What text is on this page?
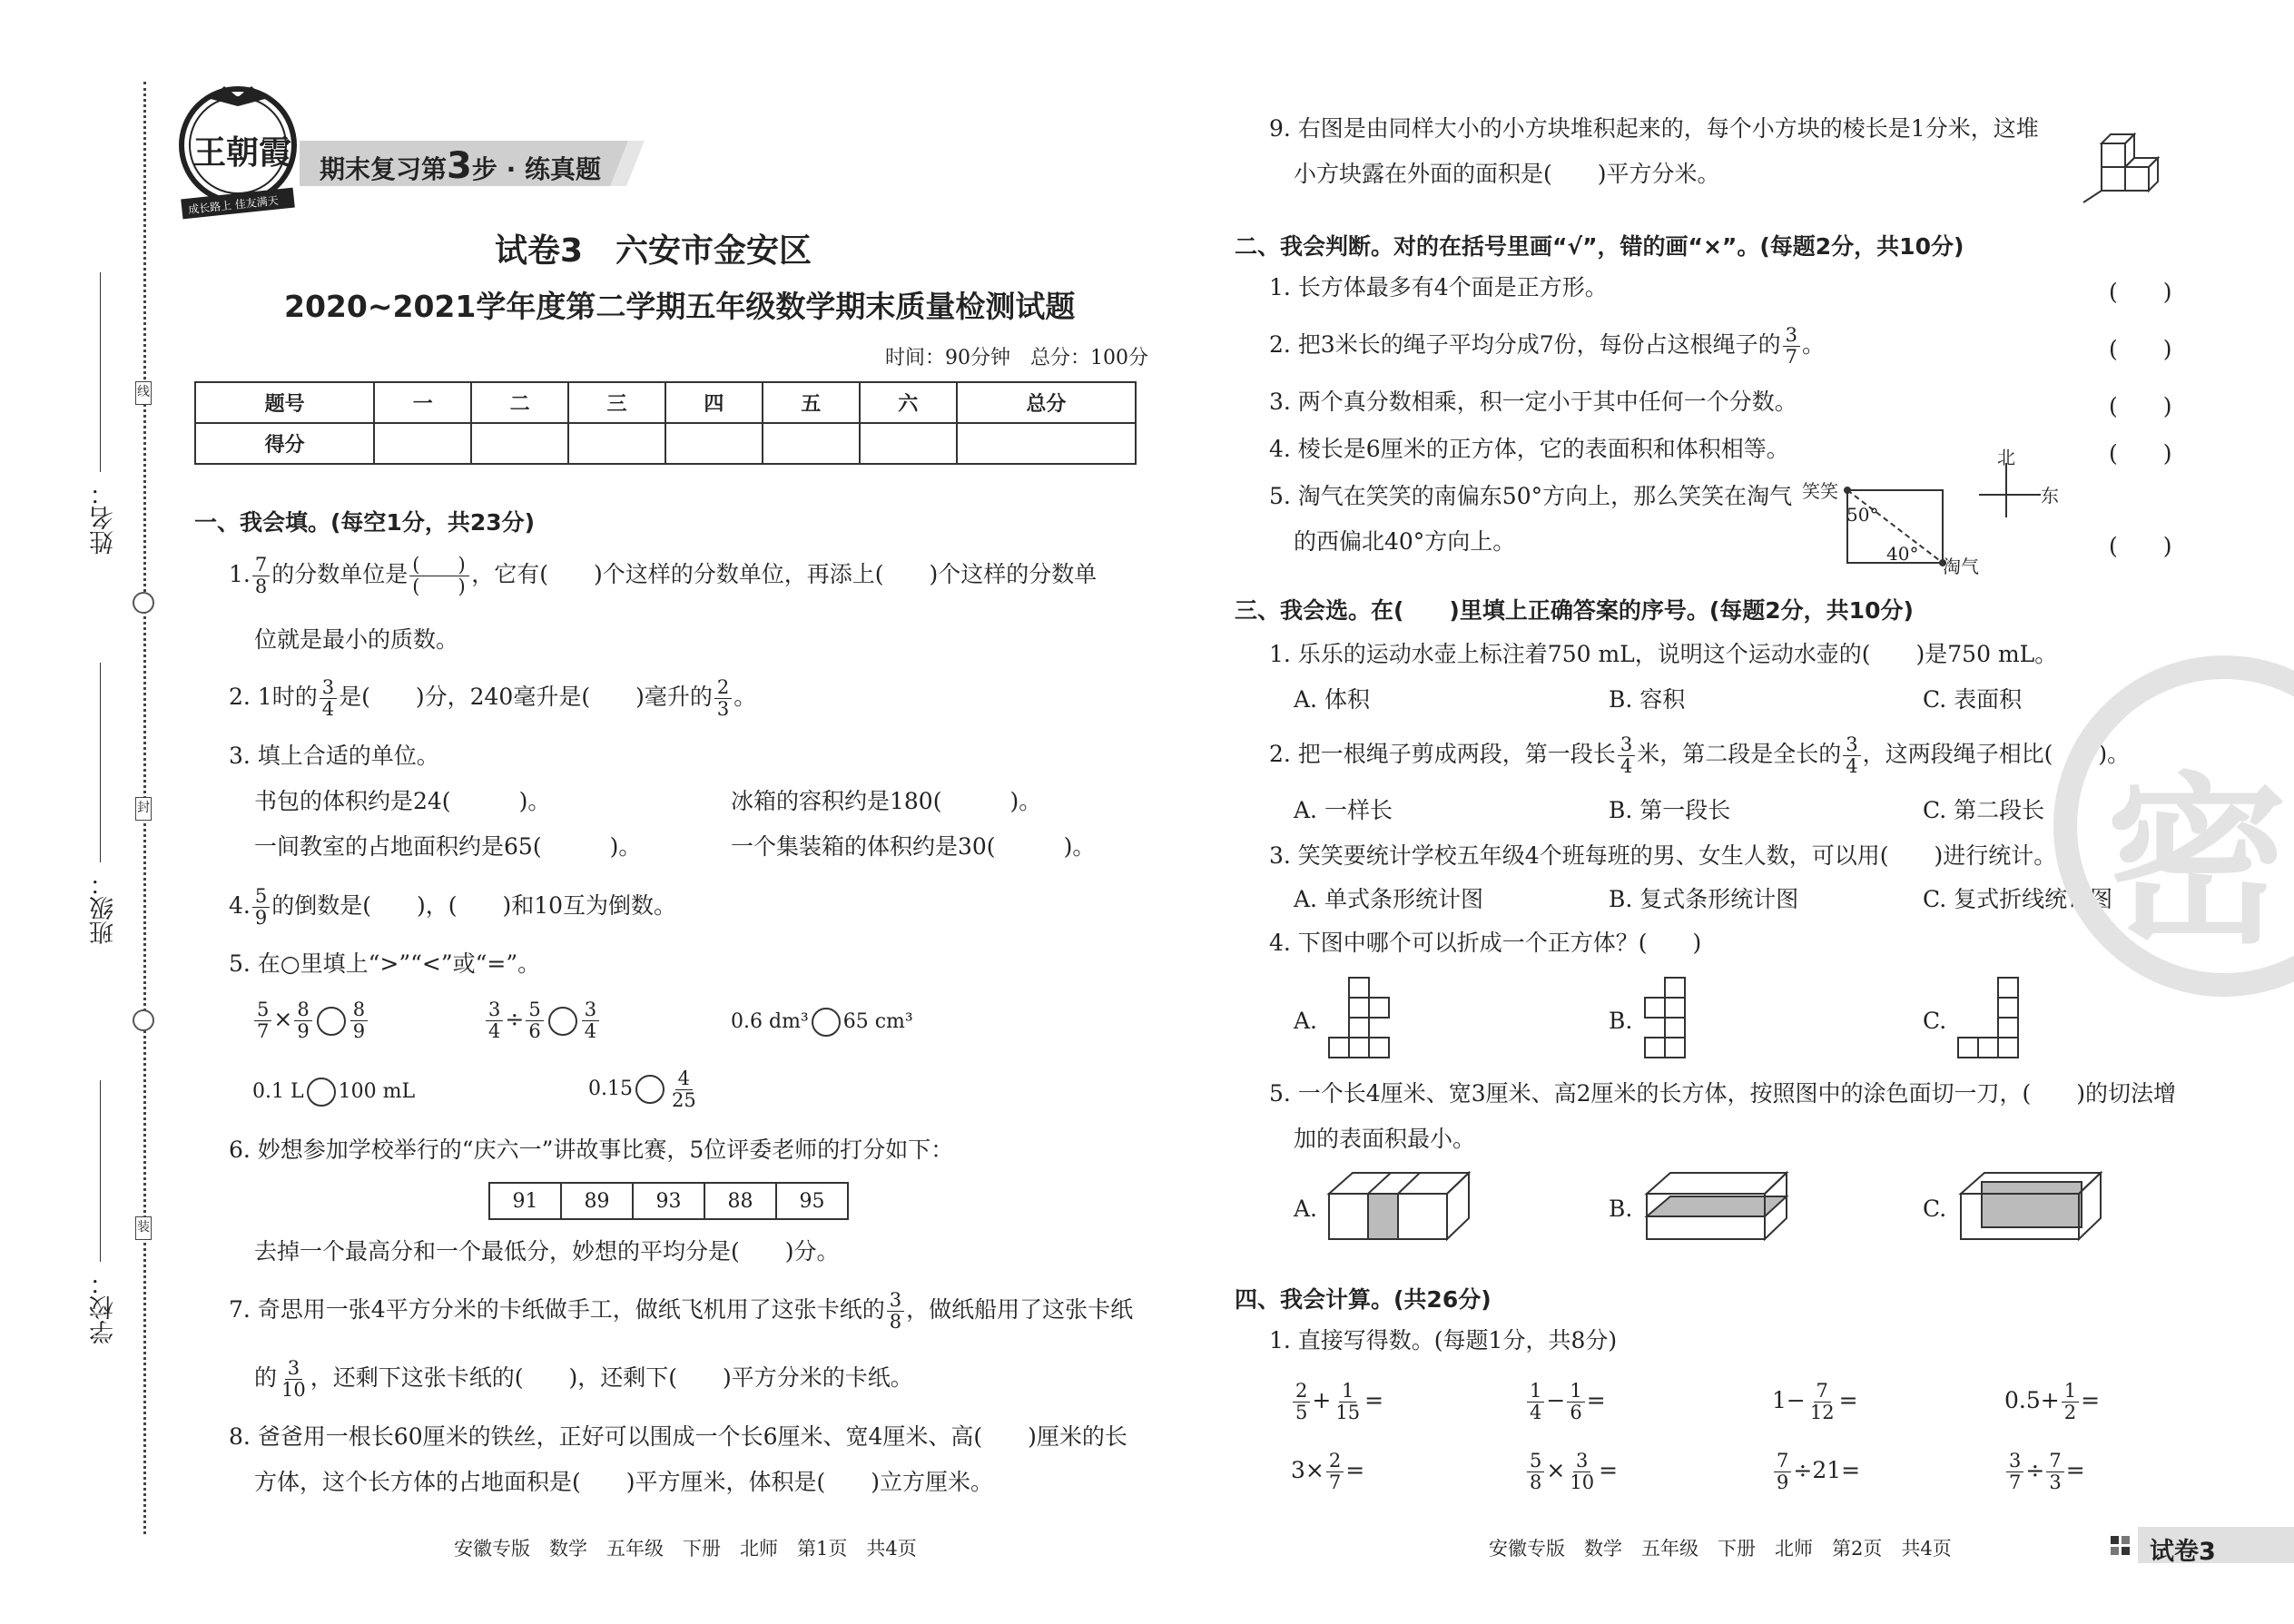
线
封
装
姓名：
班级：
学校：
王朝霞
成长路上 佳友满天
期末复习第3步 · 练真题
试卷3　六安市金安区
2020~2021学年度第二学期五年级数学期末质量检测试题
时间：90分钟　总分：100分
题号	一	二	三	四	五	六	总分
得分							
一、我会填。(每空1分，共23分)
1. $\frac{7}{8}$ 的分数单位是 $\frac{( )}{( )}$ ，它有(　　)个这样的分数单位，再添上(　　)个这样的分数单
位就是最小的质数。
2. 1时的 $\frac{3}{4}$ 是(　　)分，240毫升是(　　)毫升的 $\frac{2}{3}$ 。
3. 填上合适的单位。
书包的体积约是24(　　　)。	冰箱的容积约是180(　　　)。
一间教室的占地面积约是65(　　　)。	一个集装箱的体积约是30(　　　)。
4. $\frac{5}{9}$ 的倒数是(　　)，(　　)和10互为倒数。
5. 在○里填上“>”“<”或“=”。
$\frac{5}{7} \times \frac{8}{9} \frac{8}{9}$	$\frac{3}{4} \div \frac{5}{6} \frac{3}{4}$	0.6 dm³ 65 cm³
0.1 L 100 mL	$0.15 \frac{4}{25}$
6. 妙想参加学校举行的“庆六一”讲故事比赛，5位评委老师的打分如下：
91	89	93	88	95
去掉一个最高分和一个最低分，妙想的平均分是(　　)分。
7. 奇思用一张4平方分米的卡纸做手工，做纸飞机用了这张卡纸的 $\frac{3}{8}$ ，做纸船用了这张卡纸
的 $\frac{3}{10}$ ，还剩下这张卡纸的(　　)，还剩下(　　)平方分米的卡纸。
8. 爸爸用一根长60厘米的铁丝，正好可以围成一个长6厘米、宽4厘米、高(　　)厘米的长
方体，这个长方体的占地面积是(　　)平方厘米，体积是(　　)立方厘米。
安徽专版　数学　五年级　下册　北师　第1页　共4页
9. 右图是由同样大小的小方块堆积起来的，每个小方块的棱长是1分米，这堆
小方块露在外面的面积是(　　)平方分米。
二、我会判断。对的在括号里画“√”，错的画“×”。(每题2分，共10分)
1. 长方体最多有4个面是正方形。	(　　)
2. 把3米长的绳子平均分成7份，每份占这根绳子的 $\frac{3}{7}$ 。	(　　)
3. 两个真分数相乘，积一定小于其中任何一个分数。	(　　)
4. 棱长是6厘米的正方体，它的表面积和体积相等。	(　　)
5. 淘气在笑笑的南偏东50°方向上，那么笑笑在淘气
的西偏北40°方向上。	(　　)
笑笑
淘气
50°
40°
北
东
三、我会选。在(　　)里填上正确答案的序号。(每题2分，共10分)
1. 乐乐的运动水壶上标注着750 mL，说明这个运动水壶的(　　)是750 mL。
A. 体积	B. 容积	C. 表面积
2. 把一根绳子剪成两段，第一段长 $\frac{3}{4}$ 米，第二段是全长的 $\frac{3}{4}$ ，这两段绳子相比(　　)。
A. 一样长	B. 第一段长	C. 第二段长
3. 笑笑要统计学校五年级4个班每班的男、女生人数，可以用(　　)进行统计。
A. 单式条形统计图	B. 复式条形统计图	C. 复式折线统计图
4. 下图中哪个可以折成一个正方体？(　　)
A.	B.	C.
5. 一个长4厘米、宽3厘米、高2厘米的长方体，按照图中的涂色面切一刀，(　　)的切法增
加的表面积最小。
A.	B.	C.
四、我会计算。(共26分)
1. 直接写得数。(每题1分，共8分)
$\frac{2}{5} + \frac{1}{15}$ =	$\frac{1}{4} - \frac{1}{6}$ =	$1- \frac{7}{12}$ =	$0.5+ \frac{1}{2}$ =
$3\times \frac{2}{7}$ =	$\frac{5}{8} \times \frac{3}{10}$ =	$\frac{7}{9} \div 21=$	$\frac{3}{7} \div \frac{7}{3}$ =
密
安徽专版　数学　五年级　下册　北师　第2页　共4页	试卷3
